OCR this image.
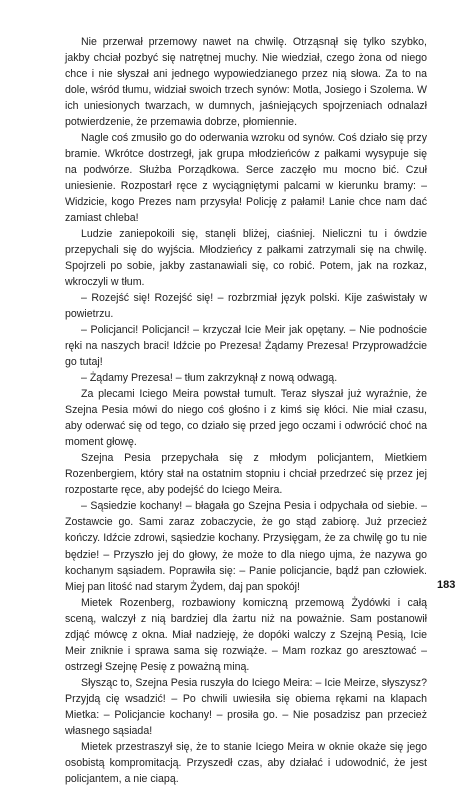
Nie przerwał przemowy nawet na chwilę. Otrząsnął się tylko szybko, jakby chciał pozbyć się natrętnej muchy. Nie wiedział, czego żona od niego chce i nie słyszał ani jednego wypowiedzianego przez nią słowa. Za to na dole, wśród tłumu, widział swoich trzech synów: Motla, Josiego i Szolema. W ich uniesionych twarzach, w dumnych, jaśniejących spojrzeniach odnalazł potwierdzenie, że przemawia dobrze, płomiennie.

Nagle coś zmusiło go do oderwania wzroku od synów. Coś działo się przy bramie. Wkrótce dostrzegł, jak grupa młodzieńców z pałkami wysypuje się na podwórze. Służba Porządkowa. Serce zaczęło mu mocno bić. Czuł uniesienie. Rozpostarł ręce z wyciągniętymi palcami w kierunku bramy: – Widzicie, kogo Prezes nam przysyła! Policję z pałami! Lanie chce nam dać zamiast chleba!

Ludzie zaniepokoili się, stanęli bliżej, ciaśniej. Nieliczni tu i ówdzie przepychali się do wyjścia. Młodzieńcy z pałkami zatrzymali się na chwilę. Spojrzeli po sobie, jakby zastanawiali się, co robić. Potem, jak na rozkaz, wkroczyli w tłum.

– Rozejść się! Rozejść się! – rozbrzmiał język polski. Kije zaświstały w powietrzu.

– Policjanci! Policjanci! – krzyczał Icie Meir jak opętany. – Nie podnoście ręki na naszych braci! Idźcie po Prezesa! Żądamy Prezesa! Przyprowadźcie go tutaj!

– Żądamy Prezesa! – tłum zakrzyknął z nową odwagą.

Za plecami Iciego Meira powstał tumult. Teraz słyszał już wyraźnie, że Szejna Pesia mówi do niego coś głośno i z kimś się kłóci. Nie miał czasu, aby oderwać się od tego, co działo się przed jego oczami i odwrócić choć na moment głowę.

Szejna Pesia przepychała się z młodym policjantem, Mietkiem Rozenbergiem, który stał na ostatnim stopniu i chciał przedrzeć się przez jej rozpostarte ręce, aby podejść do Iciego Meira.

– Sąsiedzie kochany! – błagała go Szejna Pesia i odpychała od siebie. – Zostawcie go. Sami zaraz zobaczycie, że go stąd zabiorę. Już przecież kończy. Idźcie zdrowi, sąsiedzie kochany. Przysięgam, że za chwilę go tu nie będzie! – Przyszło jej do głowy, że może to dla niego ujma, że nazywa go kochanym sąsiadem. Poprawiła się: – Panie policjancie, bądź pan człowiek. Miej pan litość nad starym Żydem, daj pan spokój!

Mietek Rozenberg, rozbawiony komiczną przemową Żydówki i całą sceną, walczył z nią bardziej dla żartu niż na poważnie. Sam postanowił zdjąć mówcę z okna. Miał nadzieję, że dopóki walczy z Szejną Pesią, Icie Meir zniknie i sprawa sama się rozwiąże. – Mam rozkaz go aresztować – ostrzegł Szejnę Pesię z poważną miną.

Słysząc to, Szejna Pesia ruszyła do Iciego Meira: – Icie Meirze, słyszysz? Przyjdą cię wsadzić! – Po chwili uwiesiła się obiema rękami na klapach Mietka: – Policjancie kochany! – prosiła go. – Nie posadzisz pan przecież własnego sąsiada!

Mietek przestraszył się, że to stanie Iciego Meira w oknie okaże się jego osobistą kompromitacją. Przyszedł czas, aby działać i udowodnić, że jest policjantem, a nie ciapą.

183
